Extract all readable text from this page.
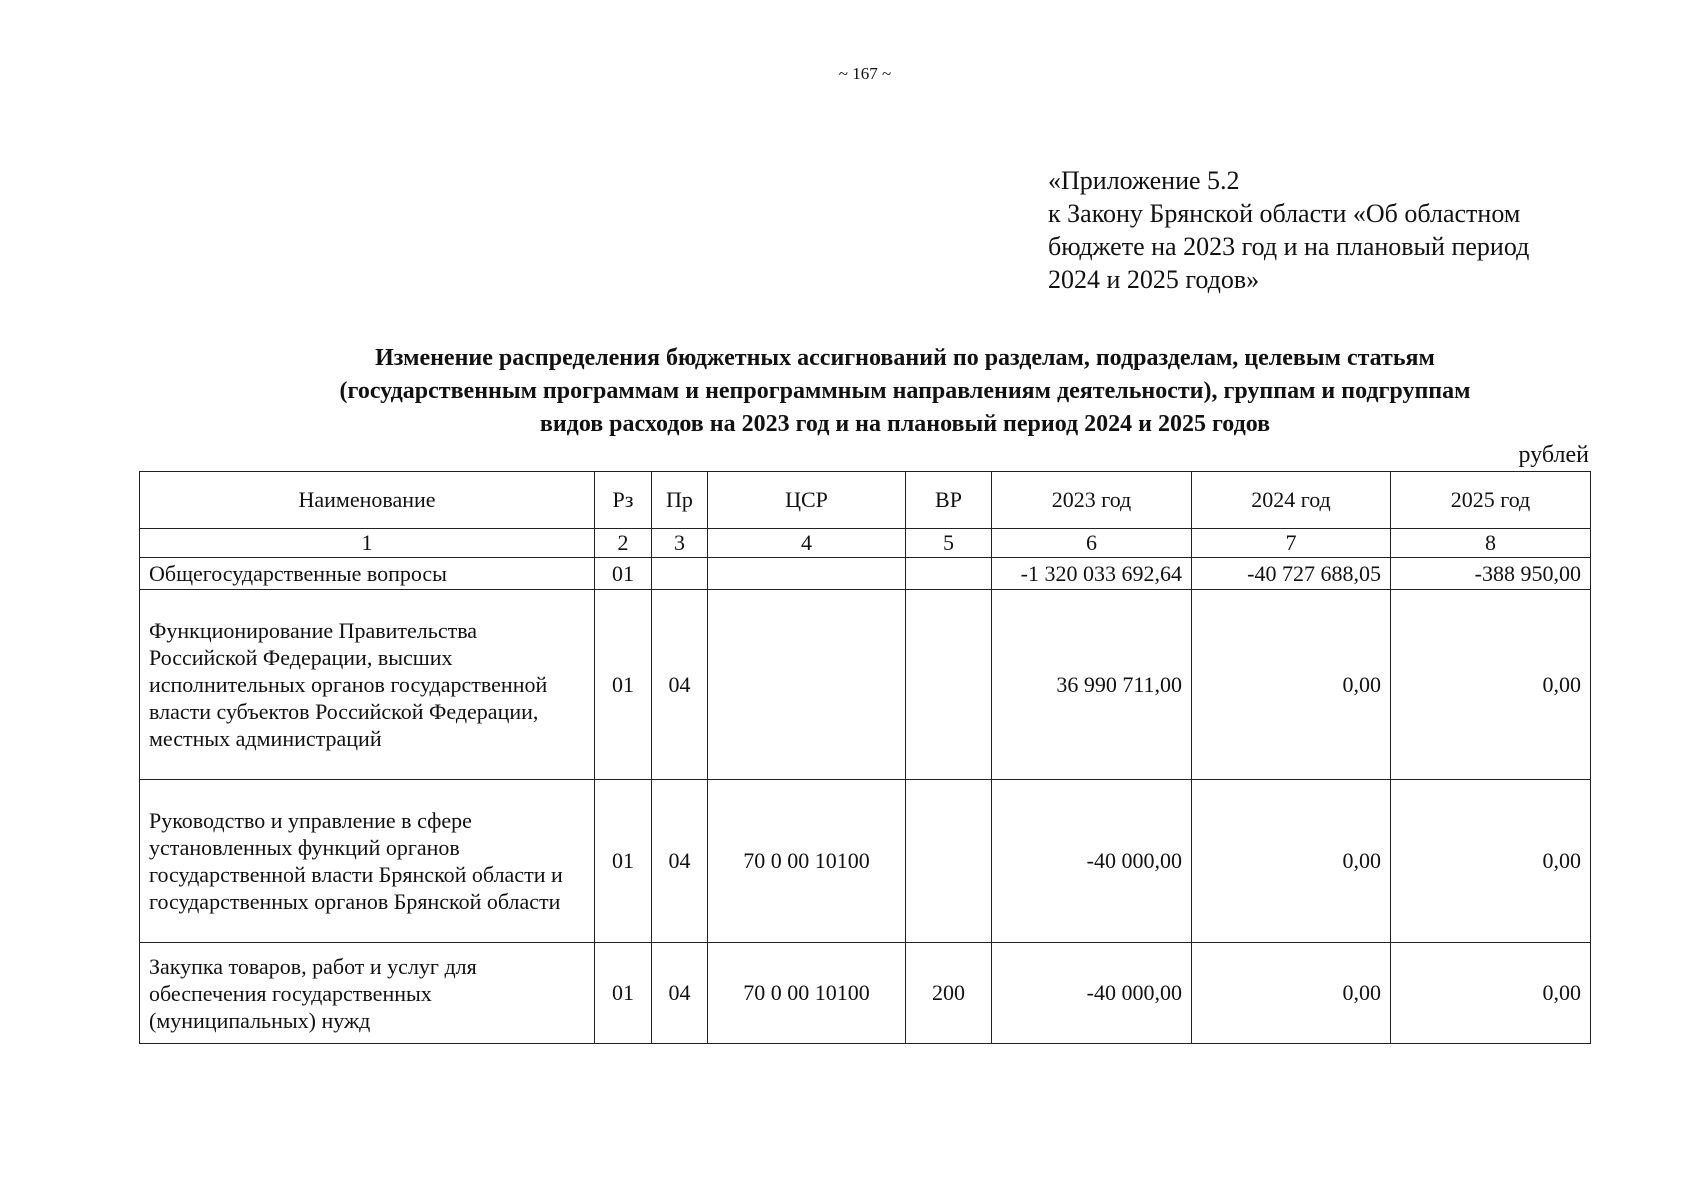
~ 167 ~
«Приложение 5.2
к Закону Брянской области «Об областном
бюджете на 2023 год и на плановый период
2024 и 2025 годов»
Изменение распределения бюджетных ассигнований по разделам, подразделам, целевым статьям
(государственным программам и непрограммным направлениям деятельности), группам и подгруппам
видов расходов на 2023 год и на плановый период 2024 и 2025 годов
рублей
Наименование	Рз	Пр	ЦСР	ВР	2023 год	2024 год	2025 год
1	2	3	4	5	6	7	8
Общегосударственные вопросы	01				-1 320 033 692,64	-40 727 688,05	-388 950,00
Функционирование Правительства Российской Федерации, высших исполнительных органов государственной власти субъектов Российской Федерации, местных администраций	01	04			36 990 711,00	0,00	0,00
Руководство и управление в сфере установленных функций органов государственной власти Брянской области и государственных органов Брянской области	01	04	70 0 00 10100		-40 000,00	0,00	0,00
Закупка товаров, работ и услуг для обеспечения государственных (муниципальных) нужд	01	04	70 0 00 10100	200	-40 000,00	0,00	0,00
